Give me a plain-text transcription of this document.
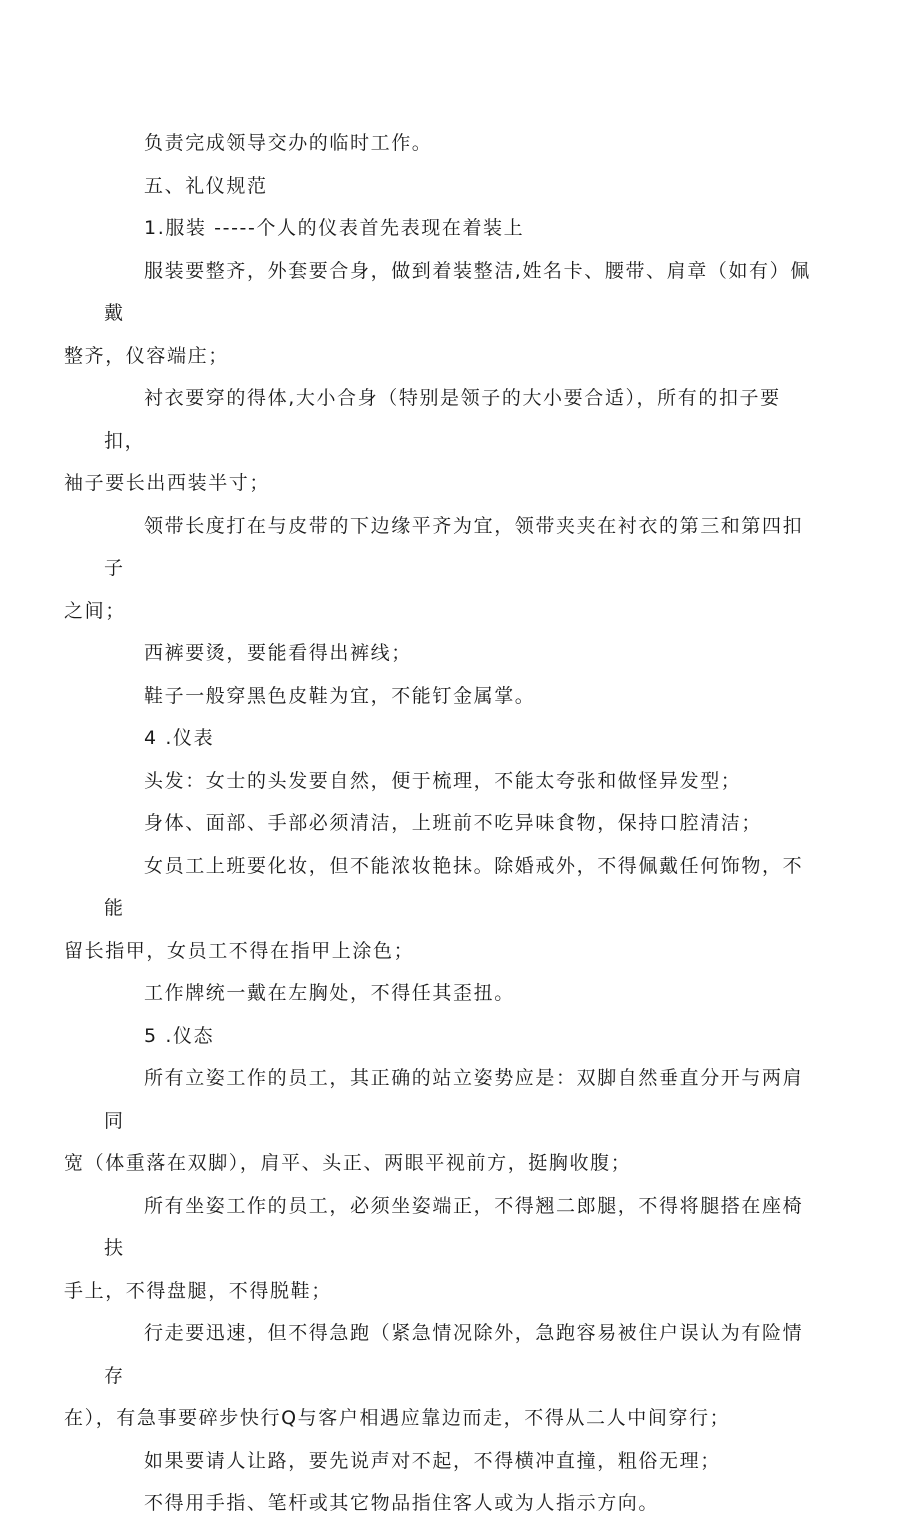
负责完成领导交办的临时工作。

五、礼仪规范

1.服装 -----个人的仪表首先表现在着装上

服装要整齐，外套要合身，做到着装整洁,姓名卡、腰带、肩章（如有）佩戴
整齐，仪容端庄；

衬衣要穿的得体,大小合身（特别是领子的大小要合适），所有的扣子要扣，
袖子要长出西装半寸；

领带长度打在与皮带的下边缘平齐为宜，领带夹夹在衬衣的第三和第四扣子
之间；

西裤要烫，要能看得出裤线；

鞋子一般穿黑色皮鞋为宜，不能钉金属掌。

4 .仪表

头发：女士的头发要自然，便于梳理，不能太夸张和做怪异发型；

身体、面部、手部必须清洁，上班前不吃异味食物，保持口腔清洁；

女员工上班要化妆，但不能浓妆艳抹。除婚戒外，不得佩戴任何饰物，不能
留长指甲，女员工不得在指甲上涂色；

工作牌统一戴在左胸处，不得任其歪扭。

5 .仪态

所有立姿工作的员工，其正确的站立姿势应是：双脚自然垂直分开与两肩同
宽（体重落在双脚），肩平、头正、两眼平视前方，挺胸收腹；

所有坐姿工作的员工，必须坐姿端正，不得翘二郎腿，不得将腿搭在座椅扶
手上，不得盘腿，不得脱鞋；

行走要迅速，但不得急跑（紧急情况除外，急跑容易被住户误认为有险情存
在），有急事要碎步快行Q与客户相遇应靠边而走，不得从二人中间穿行；

如果要请人让路，要先说声对不起，不得横冲直撞，粗俗无理；

不得用手指、笔杆或其它物品指住客人或为人指示方向。
